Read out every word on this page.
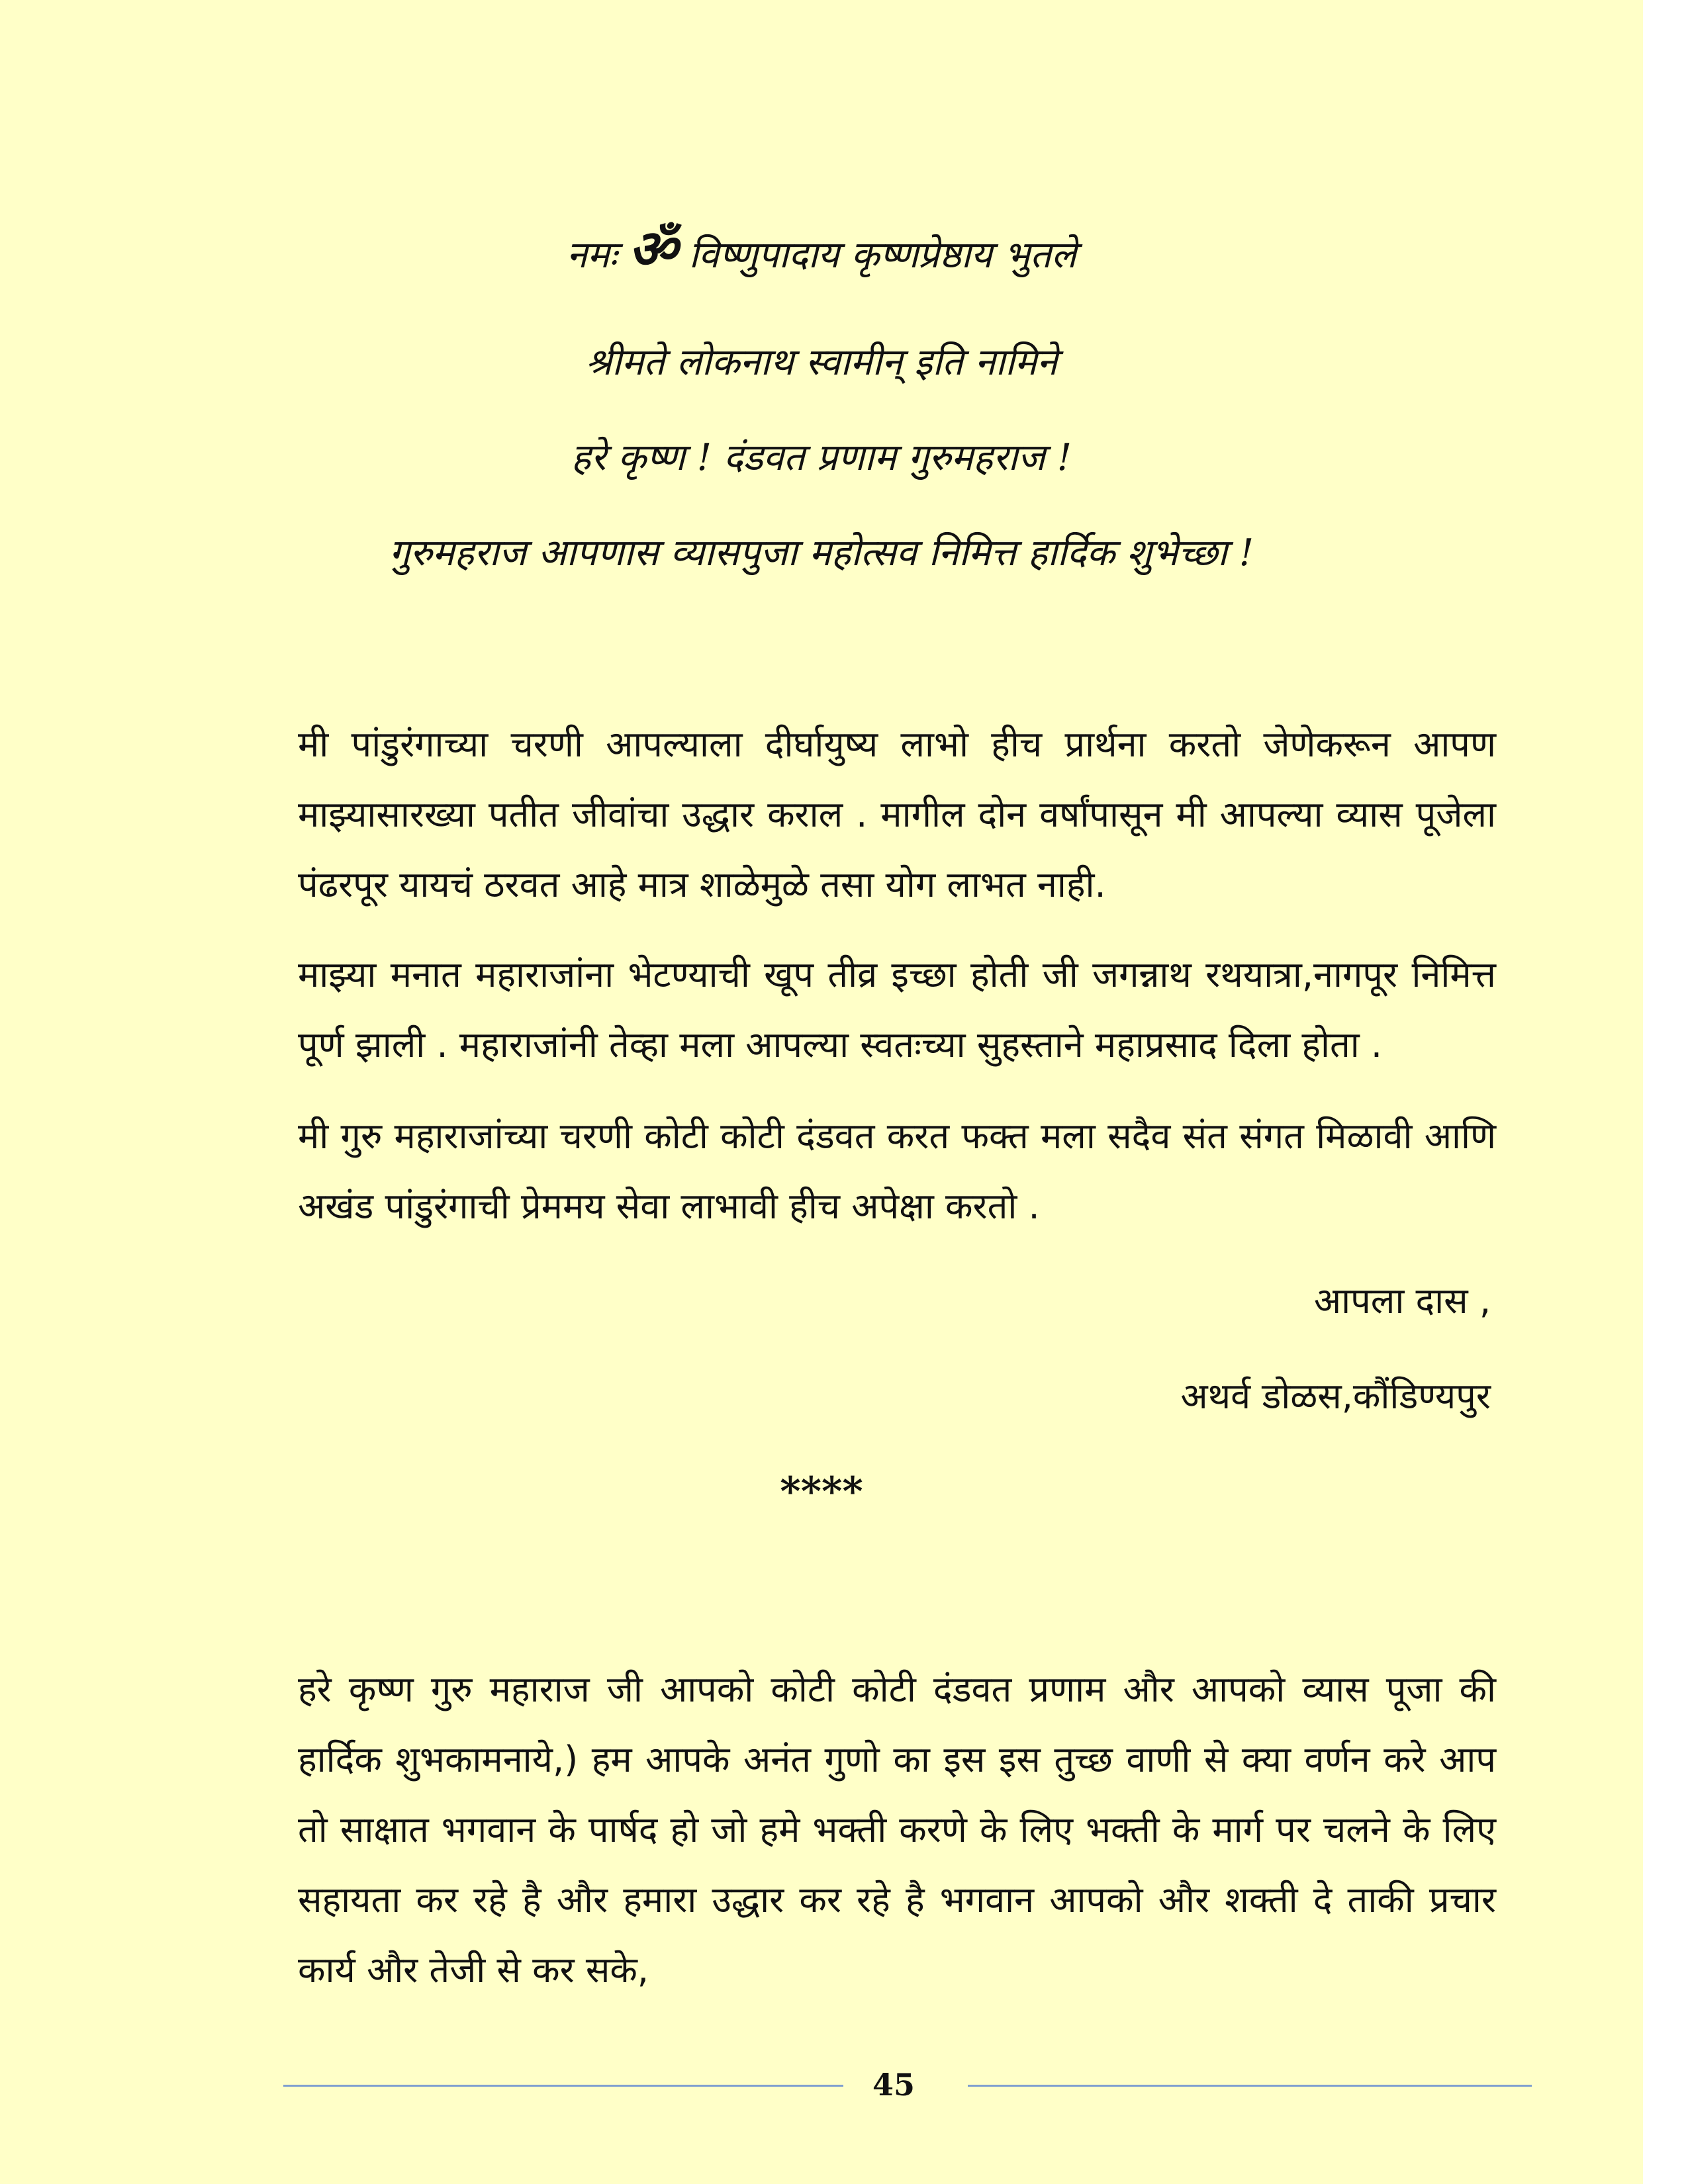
नमः ॐ विष्णुपादाय कृष्णप्रेष्ठाय भुतले
श्रीमते लोकनाथ स्वामीन् इति नामिने
हरे कृष्ण ! दंडवत प्रणाम गुरुमहराज !
गुरुमहराज आपणास व्यासपुजा महोत्सव निमित्त हार्दिक शुभेच्छा !
मी पांडुरंगाच्या चरणी आपल्याला दीर्घायुष्य लाभो हीच प्रार्थना करतो जेणेकरून आपण माझ्यासारख्या पतीत जीवांचा उद्धार कराल . मागील दोन वर्षांपासून मी आपल्या व्यास पूजेला पंढरपूर यायचं ठरवत आहे मात्र शाळेमुळे तसा योग लाभत नाही.
माझ्या मनात महाराजांना भेटण्याची खूप तीव्र इच्छा होती जी जगन्नाथ रथयात्रा,नागपूर निमित्त पूर्ण झाली . महाराजांनी तेव्हा मला आपल्या स्वतःच्या सुहस्ताने महाप्रसाद दिला होता .
मी गुरु महाराजांच्या चरणी कोटी कोटी दंडवत करत फक्त मला सदैव संत संगत मिळावी आणि अखंड पांडुरंगाची प्रेममय सेवा लाभावी हीच अपेक्षा करतो .
आपला दास ,
अथर्व डोळस,कौंडिण्यपुर
****
हरे कृष्ण गुरु महाराज जी आपको कोटी कोटी दंडवत प्रणाम और आपको व्यास पूजा की हार्दिक शुभकामनाये,) हम आपके अनंत गुणो का इस इस तुच्छ वाणी से क्या वर्णन करे आप तो साक्षात भगवान के पार्षद हो जो हमे भक्ती करणे के लिए भक्ती के मार्ग पर चलने के लिए सहायता कर रहे है और हमारा उद्धार कर रहे है भगवान आपको और शक्ती दे ताकी प्रचार कार्य और तेजी से कर सके,
45
